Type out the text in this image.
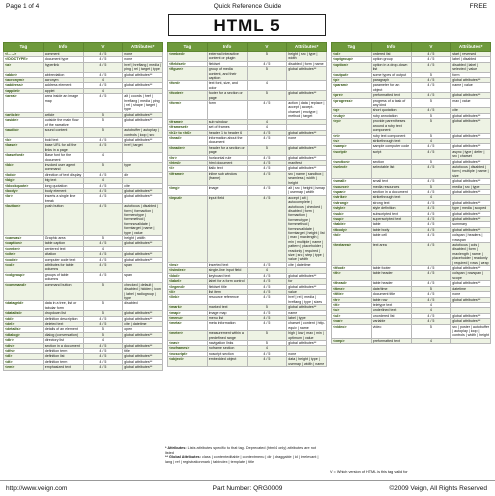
Page 1 of 4	Quick Reference Guide	FREE
HTML 5
Tag	Info	V	Attributes*
<!-- -->	comment	4 / 5	none
<!DOCTYPE>	document type	4 / 5	none
<a>	hyperlink	4 / 5	href | hreflang | media | ping | rel | target | type
<abbr>	abbreviation	4 / 5	global attributes**
<acronym>	acronym	4	
<address>	address element	4 / 5	global attributes**
<applet>	applet	4	
<area>	area inside an image map	4 / 5	alt | coords | href | hreflang | media | ping | rel | shape | target | type
<article>	article	5	global attributes**
<aside>	outside the main flow of the narrative	5	global attributes**
<audio>	sound content	5	autobuffer | autoplay | controls | loop | src
<b>	bold text	4 / 5	global attributes**
<base>	base URL for all the links in a page	4 / 5	href | target
<basefont>	Base font for the document	4	
<bb>	invoked user agent command	5	type
<bdo>	direction of text display	4 / 5	dir
<big>	big text	4	
<blockquote>	long quotation	4 / 5	cite
<body>	body element	4 / 5	global attributes**
<br>	inserts a single line break	4 / 5	global attributes**
<button>	push button	4 / 5	autofocus | disabled | form | formaction | formenctype | formmethod | formnovalidate | formtarget | name | type | value
<canvas>	Graphic area	5	height | width
<caption>	table caption	4 / 5	global attributes**
<center>	centered text	4	
<cite>	citation	4 / 5	global attributes**
<code>	computer code text	4 / 5	global attributes**
<col>	attributes for table columns	4 / 5	span
<colgroup>	groups of table columns	4 / 5	span
<command>	command button	5	checked | default | disabled | hidden | icon | label | radiogroup | type
<datagrid>	data in a tree, list or tabular form	5	disabled
<datalist>	dropdown list	5	global attributes**
<dd>	definition description	4 / 5	global attributes**
<del>	deleted text	4 / 5	cite | datetime
<details>	details of an element	5	open
<dialog>	dialog (conversation)	5	global attributes**
<dir>	directory list	4	
<div>	section in a document	4 / 5	global attributes**
<dfn>	definition term	4 / 5	title
<dl>	definition list	4 / 5	global attributes**
<dt>	definition term	4 / 5	global attributes**
<em>	emphasized text	4 / 5	global attributes**
Tag	Info	V	Attributes*
<embed>	external interactive content or plugin	5	height | src | type | width
<fieldset>	fieldset	4 / 5	disabled | form | name
<figure>	group of media content, and their caption	5	global attributes**
<font>	text font, size, and color	4	
<footer>	footer for a section or page	5	global attributes**
<form>	form	4 / 5	action | data | replace | accept | accept-charset | enctype | method | target
<frame>	sub window	4	
<frameset>	set of frames	4	
<h1> to <h6>	header 1 to header 6	4 / 5	global attributes**
<head>	information about the document	4 / 5	none
<header>	header for a section or page	5	global attributes**
<hr>	horizontal rule	4 / 5	global attributes**
<html>	html document	4 / 5	manifest
<i>	italic text	4 / 5	global attributes**
<iframe>	inline sub window (frame)	4 / 5	src | name | sandbox | seamless | width | height
<img>	image	4 / 5	alt | src | height | ismap | usemap | width
<input>	input field	4 / 5	accept | alt | autocomplete | autofocus | checked | disabled | form | formaction | formenctype | formmethod | formnovalidate | formtarget | height | list | max | maxlength | min | multiple | name | pattern | placeholder | readonly | required | size | src | step | type | value | width
<ins>	inserted text	4 / 5	cite | datetime
<isindex>	single-line input field	4	
<kbd>	keyboard text	4 / 5	global attributes**
<label>	label for a form control	4 / 5	for
<legend>	fieldset title	4 / 5	global attributes**
<li>	list item	4 / 5	value
<link>	resource reference	4 / 5	href | rel | media | hreflang | type | sizes
<mark>	marked text	5	global attributes**
<map>	image map	4 / 5	name
<menu>	menu list	4 / 5	label | type
<meta>	meta information	4 / 5	charset | content | http-equiv | name
<meter>	measurement within a predefined range	5	high | low | max | min | optimum | value
<nav>	navigation links	5	global attributes**
<noframes>	noframe section	4	
<noscript>	noscript section	4 / 5	none
<object>	embedded object	4 / 5	data | height | type | usemap | width | name
Tag	Info	V	Attributes*
<ol>	ordered list	4 / 5	start | reversed
<optgroup>	option group	4 / 5	label | disabled
<option>	option in a drop-down list	4 / 5	disabled | label | selected | value
<output>	some types of output	5	form
<p>	paragraph	4 / 5	global attributes**
<param>	parameter for an object	4 / 5	name | value
<pre>	preformatted text	4 / 5	global attributes**
<progress>	progress of a task of any kind	5	max | value
<q>	short quotation	4 / 5	cite
<ruby>	ruby annotation	5	global attributes**
<rp>	provide parentheses around a ruby text component	5	global attributes**
<rt>	ruby text component	5	global attributes**
<s>	strikethrough text	4	
<samp>	sample computer code	4 / 5	global attributes**
<script>	script	4 / 5	async | type | defer | src | charset
<section>	section	5	global attributes**
<select>	selectable list	4 / 5	autofocus | disabled | form | multiple | name | size
<small>	small text	4 / 5	global attributes**
<source>	media resources	5	media | src | type
<span>	section in a document	4 / 5	global attributes**
<strike>	strikethrough text	4	
<strong>	strong text	4 / 5	global attributes**
<style>	style definition	4 / 5	type | media | scoped
<sub>	subscripted text	4 / 5	global attributes**
<sup>	superscripted text	4 / 5	global attributes**
<table>	table	4 / 5	summary
<tbody>	table body	4 / 5	global attributes**
<td>	table cell	4 / 5	colspan | headers | rowspan
<textarea>	text area	4 / 5	autofocus | cols | disabled | form | maxlength | name | placeholder | readonly | required | rows | wrap
<tfoot>	table footer	4 / 5	global attributes**
<th>	table header	4 / 5	colspan | rowspan | scope
<thead>	table header	4 / 5	global attributes**
<time>	date/time	5	datetime
<title>	document title	4 / 5	none
<tr>	table row	4 / 5	global attributes**
<tt>	teletype text	4	
<u>	underlined text	4	
<ul>	unordered list	4 / 5	global attributes**
<var>	variable	4 / 5	global attributes**
<video>	video	5	src | poster | autobuffer | autoplay | loop | controls | width | height
<xmp>	preformatted text	4	
* Attributes: Lists attributes specific to that tag. Deprecated (html4 only) attributes are not listed
** Global Attributes: class | contenteditable | contextmenu | dir | draggable | id | irrelevant | lang | ref | registrationmark | tabindex | template | title
V = Which version of HTML is this tag valid for
http://www.veign.com	Part Number: QRG0009	©2009 Veign, All Rights Reserved
